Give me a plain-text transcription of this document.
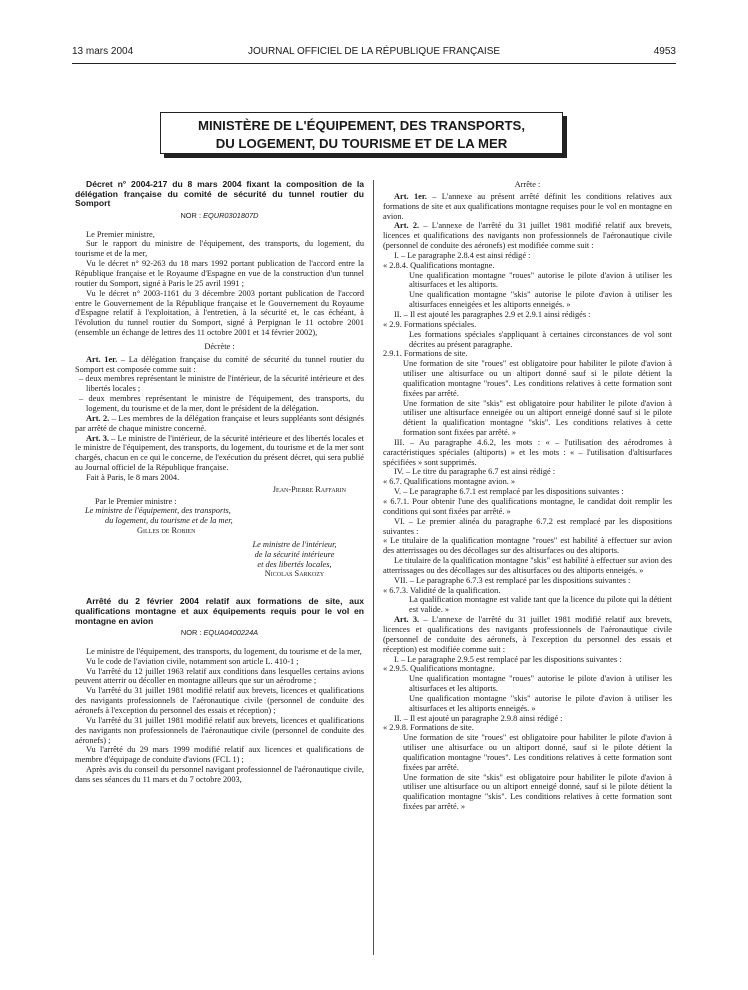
13 mars 2004	JOURNAL OFFICIEL DE LA RÉPUBLIQUE FRANÇAISE	4953
MINISTÈRE DE L'ÉQUIPEMENT, DES TRANSPORTS,
DU LOGEMENT, DU TOURISME ET DE LA MER

Décret n° 2004-217 du 8 mars 2004 fixant la composition de la délégation française du comité de sécurité du tunnel routier du Somport

NOR : EQUR0301807D

Le Premier ministre,

Sur le rapport du ministre de l'équipement, des transports, du logement, du tourisme et de la mer,

Vu le décret n° 92-263 du 18 mars 1992 portant publication de l'accord entre la République française et le Royaume d'Espagne en vue de la construction d'un tunnel routier du Somport, signé à Paris le 25 avril 1991 ;

Vu le décret n° 2003-1161 du 3 décembre 2003 portant publication de l'accord entre le Gouvernement de la République française et le Gouvernement du Royaume d'Espagne relatif à l'exploitation, à l'entretien, à la sécurité et, le cas échéant, à l'évolution du tunnel routier du Somport, signé à Perpignan le 11 octobre 2001 (ensemble un échange de lettres des 11 octobre 2001 et 14 février 2002),

Décrète :

Art. 1er. – La délégation française du comité de sécurité du tunnel routier du Somport est composée comme suit :

– deux membres représentant le ministre de l'intérieur, de la sécurité intérieure et des libertés locales ;

– deux membres représentant le ministre de l'équipement, des transports, du logement, du tourisme et de la mer, dont le président de la délégation.

Art. 2. – Les membres de la délégation française et leurs suppléants sont désignés par arrêté de chaque ministre concerné.

Art. 3. – Le ministre de l'intérieur, de la sécurité intérieure et des libertés locales et le ministre de l'équipement, des transports, du logement, du tourisme et de la mer sont chargés, chacun en ce qui le concerne, de l'exécution du présent décret, qui sera publié au Journal officiel de la République française.

Fait à Paris, le 8 mars 2004.

Jean-Pierre Raffarin

Par le Premier ministre :

Le ministre de l'équipement, des transports,

du logement, du tourisme et de la mer,

Gilles de Robien

Le ministre de l'intérieur,

de la sécurité intérieure

et des libertés locales,

Nicolas Sarkozy

Arrêté du 2 février 2004 relatif aux formations de site, aux qualifications montagne et aux équipements requis pour le vol en montagne en avion

NOR : EQUA0400224A

Le ministre de l'équipement, des transports, du logement, du tourisme et de la mer,

Vu le code de l'aviation civile, notamment son article L. 410-1 ;

Vu l'arrêté du 12 juillet 1963 relatif aux conditions dans lesquelles certains avions peuvent atterrir ou décoller en montagne ailleurs que sur un aérodrome ;

Vu l'arrêté du 31 juillet 1981 modifié relatif aux brevets, licences et qualifications des navigants professionnels de l'aéronautique civile (personnel de conduite des aéronefs à l'exception du personnel des essais et réception) ;

Vu l'arrêté du 31 juillet 1981 modifié relatif aux brevets, licences et qualifications des navigants non professionnels de l'aéronautique civile (personnel de conduite des aéronefs) ;

Vu l'arrêté du 29 mars 1999 modifié relatif aux licences et qualifications de membre d'équipage de conduite d'avions (FCL 1) ;

Après avis du conseil du personnel navigant professionnel de l'aéronautique civile, dans ses séances du 11 mars et du 7 octobre 2003,

Arrête :

Art. 1er. – L'annexe au présent arrêté définit les conditions relatives aux formations de site et aux qualifications montagne requises pour le vol en montagne en avion.

Art. 2. – L'annexe de l'arrêté du 31 juillet 1981 modifié relatif aux brevets, licences et qualifications des navigants non professionnels de l'aéronautique civile (personnel de conduite des aéronefs) est modifiée comme suit :

I. – Le paragraphe 2.8.4 est ainsi rédigé :

« 2.8.4. Qualifications montagne.

Une qualification montagne "roues" autorise le pilote d'avion à utiliser les altisurfaces et les altiports.

Une qualification montagne "skis" autorise le pilote d'avion à utiliser les altisurfaces enneigées et les altiports enneigés. »

II. – Il est ajouté les paragraphes 2.9 et 2.9.1 ainsi rédigés :

« 2.9. Formations spéciales.

Les formations spéciales s'appliquant à certaines circonstances de vol sont décrites au présent paragraphe.

2.9.1. Formations de site.

Une formation de site "roues" est obligatoire pour habiliter le pilote d'avion à utiliser une altisurface ou un altiport donné sauf si le pilote détient la qualification montagne "roues". Les conditions relatives à cette formation sont fixées par arrêté.

Une formation de site "skis" est obligatoire pour habiliter le pilote d'avion à utiliser une altisurface enneigée ou un altiport enneigé donné sauf si le pilote détient la qualification montagne "skis". Les conditions relatives à cette formation sont fixées par arrêté. »

III. – Au paragraphe 4.6.2, les mots : « – l'utilisation des aérodromes à caractéristiques spéciales (altiports) » et les mots : « – l'utilisation d'altisurfaces spécifiées » sont supprimés.

IV. – Le titre du paragraphe 6.7 est ainsi rédigé :

« 6.7. Qualifications montagne avion. »

V. – Le paragraphe 6.7.1 est remplacé par les dispositions suivantes :

« 6.7.1. Pour obtenir l'une des qualifications montagne, le candidat doit remplir les conditions qui sont fixées par arrêté. »

VI. – Le premier alinéa du paragraphe 6.7.2 est remplacé par les dispositions suivantes :

« Le titulaire de la qualification montagne "roues" est habilité à effectuer sur avion des atterrissages ou des décollages sur des altisurfaces ou des altiports.

Le titulaire de la qualification montagne "skis" est habilité à effectuer sur avion des atterrissages ou des décollages sur des altisurfaces ou des altiports enneigés. »

VII. – Le paragraphe 6.7.3 est remplacé par les dispositions suivantes :

« 6.7.3. Validité de la qualification.

La qualification montagne est valide tant que la licence du pilote qui la détient est valide. »

Art. 3. – L'annexe de l'arrêté du 31 juillet 1981 modifié relatif aux brevets, licences et qualifications des navigants professionnels de l'aéronautique civile (personnel de conduite des aéronefs, à l'exception du personnel des essais et réception) est modifiée comme suit :

I. – Le paragraphe 2.9.5 est remplacé par les dispositions suivantes :

« 2.9.5. Qualifications montagne.

Une qualification montagne "roues" autorise le pilote d'avion à utiliser les altisurfaces et les altiports.

Une qualification montagne "skis" autorise le pilote d'avion à utiliser les altisurfaces et les altiports enneigés. »

II. – Il est ajouté un paragraphe 2.9.8 ainsi rédigé :

« 2.9.8. Formations de site.

Une formation de site "roues" est obligatoire pour habiliter le pilote d'avion à utiliser une altisurface ou un altiport donné, sauf si le pilote détient la qualification montagne "roues". Les conditions relatives à cette formation sont fixées par arrêté.

Une formation de site "skis" est obligatoire pour habiliter le pilote d'avion à utiliser une altisurface ou un altiport enneigé donné, sauf si le pilote détient la qualification montagne "skis". Les conditions relatives à cette formation sont fixées par arrêté. »
